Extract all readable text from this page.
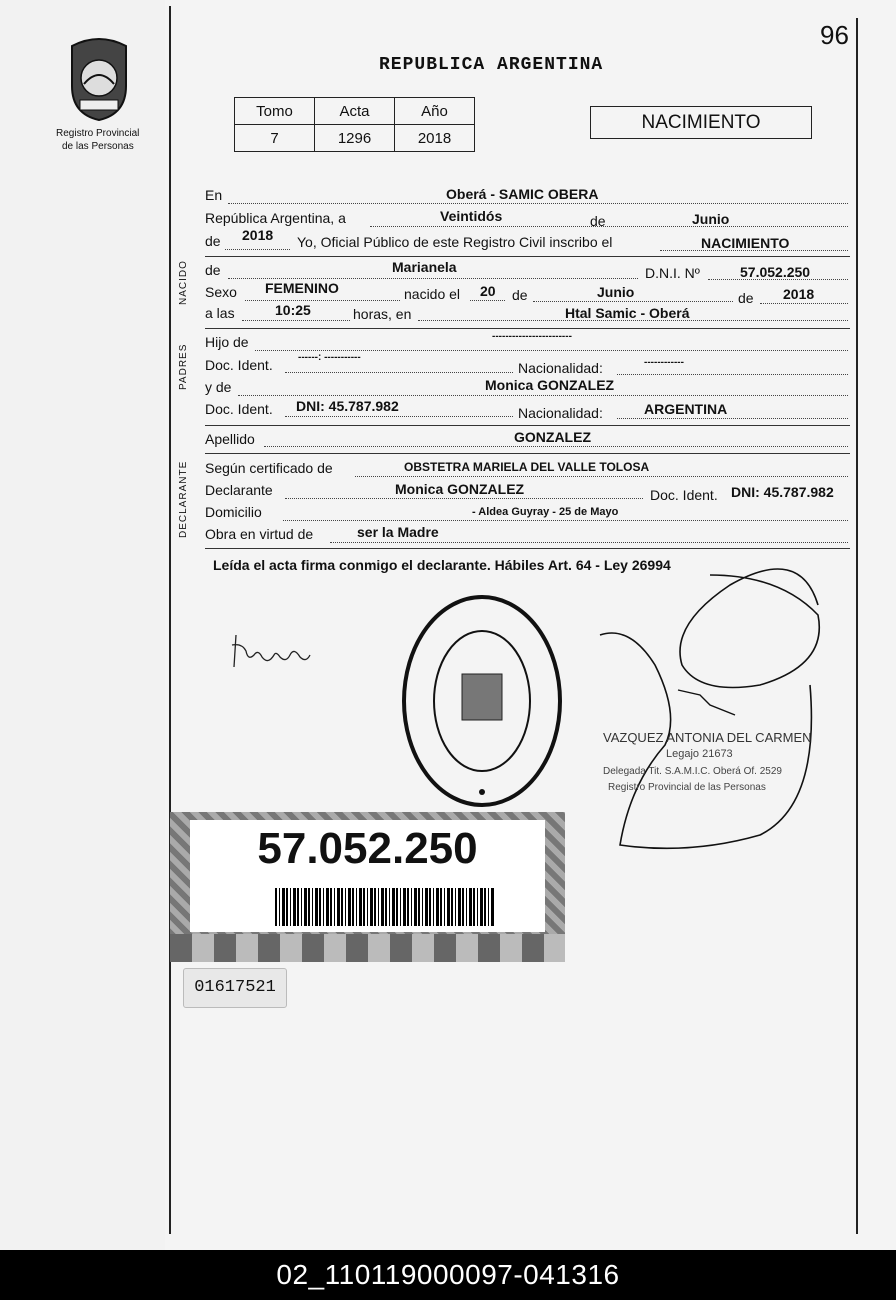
Registro Provincial
de las Personas
96
REPUBLICA ARGENTINA
Tomo	Acta	Año
7	1296	2018
NACIMIENTO
En	Oberá - SAMIC OBERA
República Argentina, a	Veintidós	de	Junio
de 2018 Yo, Oficial Público de este Registro Civil inscribo el	NACIMIENTO
NACIDO de	Marianela	D.N.I. Nº	57.052.250
Sexo FEMENINO	nacido el 20 de	Junio	de 2018
a las	10:25	horas, en	Htal Samic - Oberá
PADRES
Hijo de	------------------------
Doc. Ident.	------: -----------
Nacionalidad:	------------
y de	Monica GONZALEZ
Doc. Ident. DNI: 45.787.982	Nacionalidad:	ARGENTINA
Apellido	GONZALEZ
DECLARANTE Según certificado de	OBSTETRA MARIELA DEL VALLE TOLOSA
Declarante	Monica GONZALEZ	Doc. Ident. DNI: 45.787.982
Domicilio	- Aldea Guyray - 25 de Mayo
Obra en virtud de	ser la Madre
Leída el acta firma conmigo el declarante. Hábiles Art. 64 - Ley 26994
VAZQUEZ ANTONIA DEL CARMEN
Legajo 21673
Delegada Tit. S.A.M.I.C. Oberá Of. 2529
Registro Provincial de las Personas
57.052.250
01617521
02_110119000097-041316
